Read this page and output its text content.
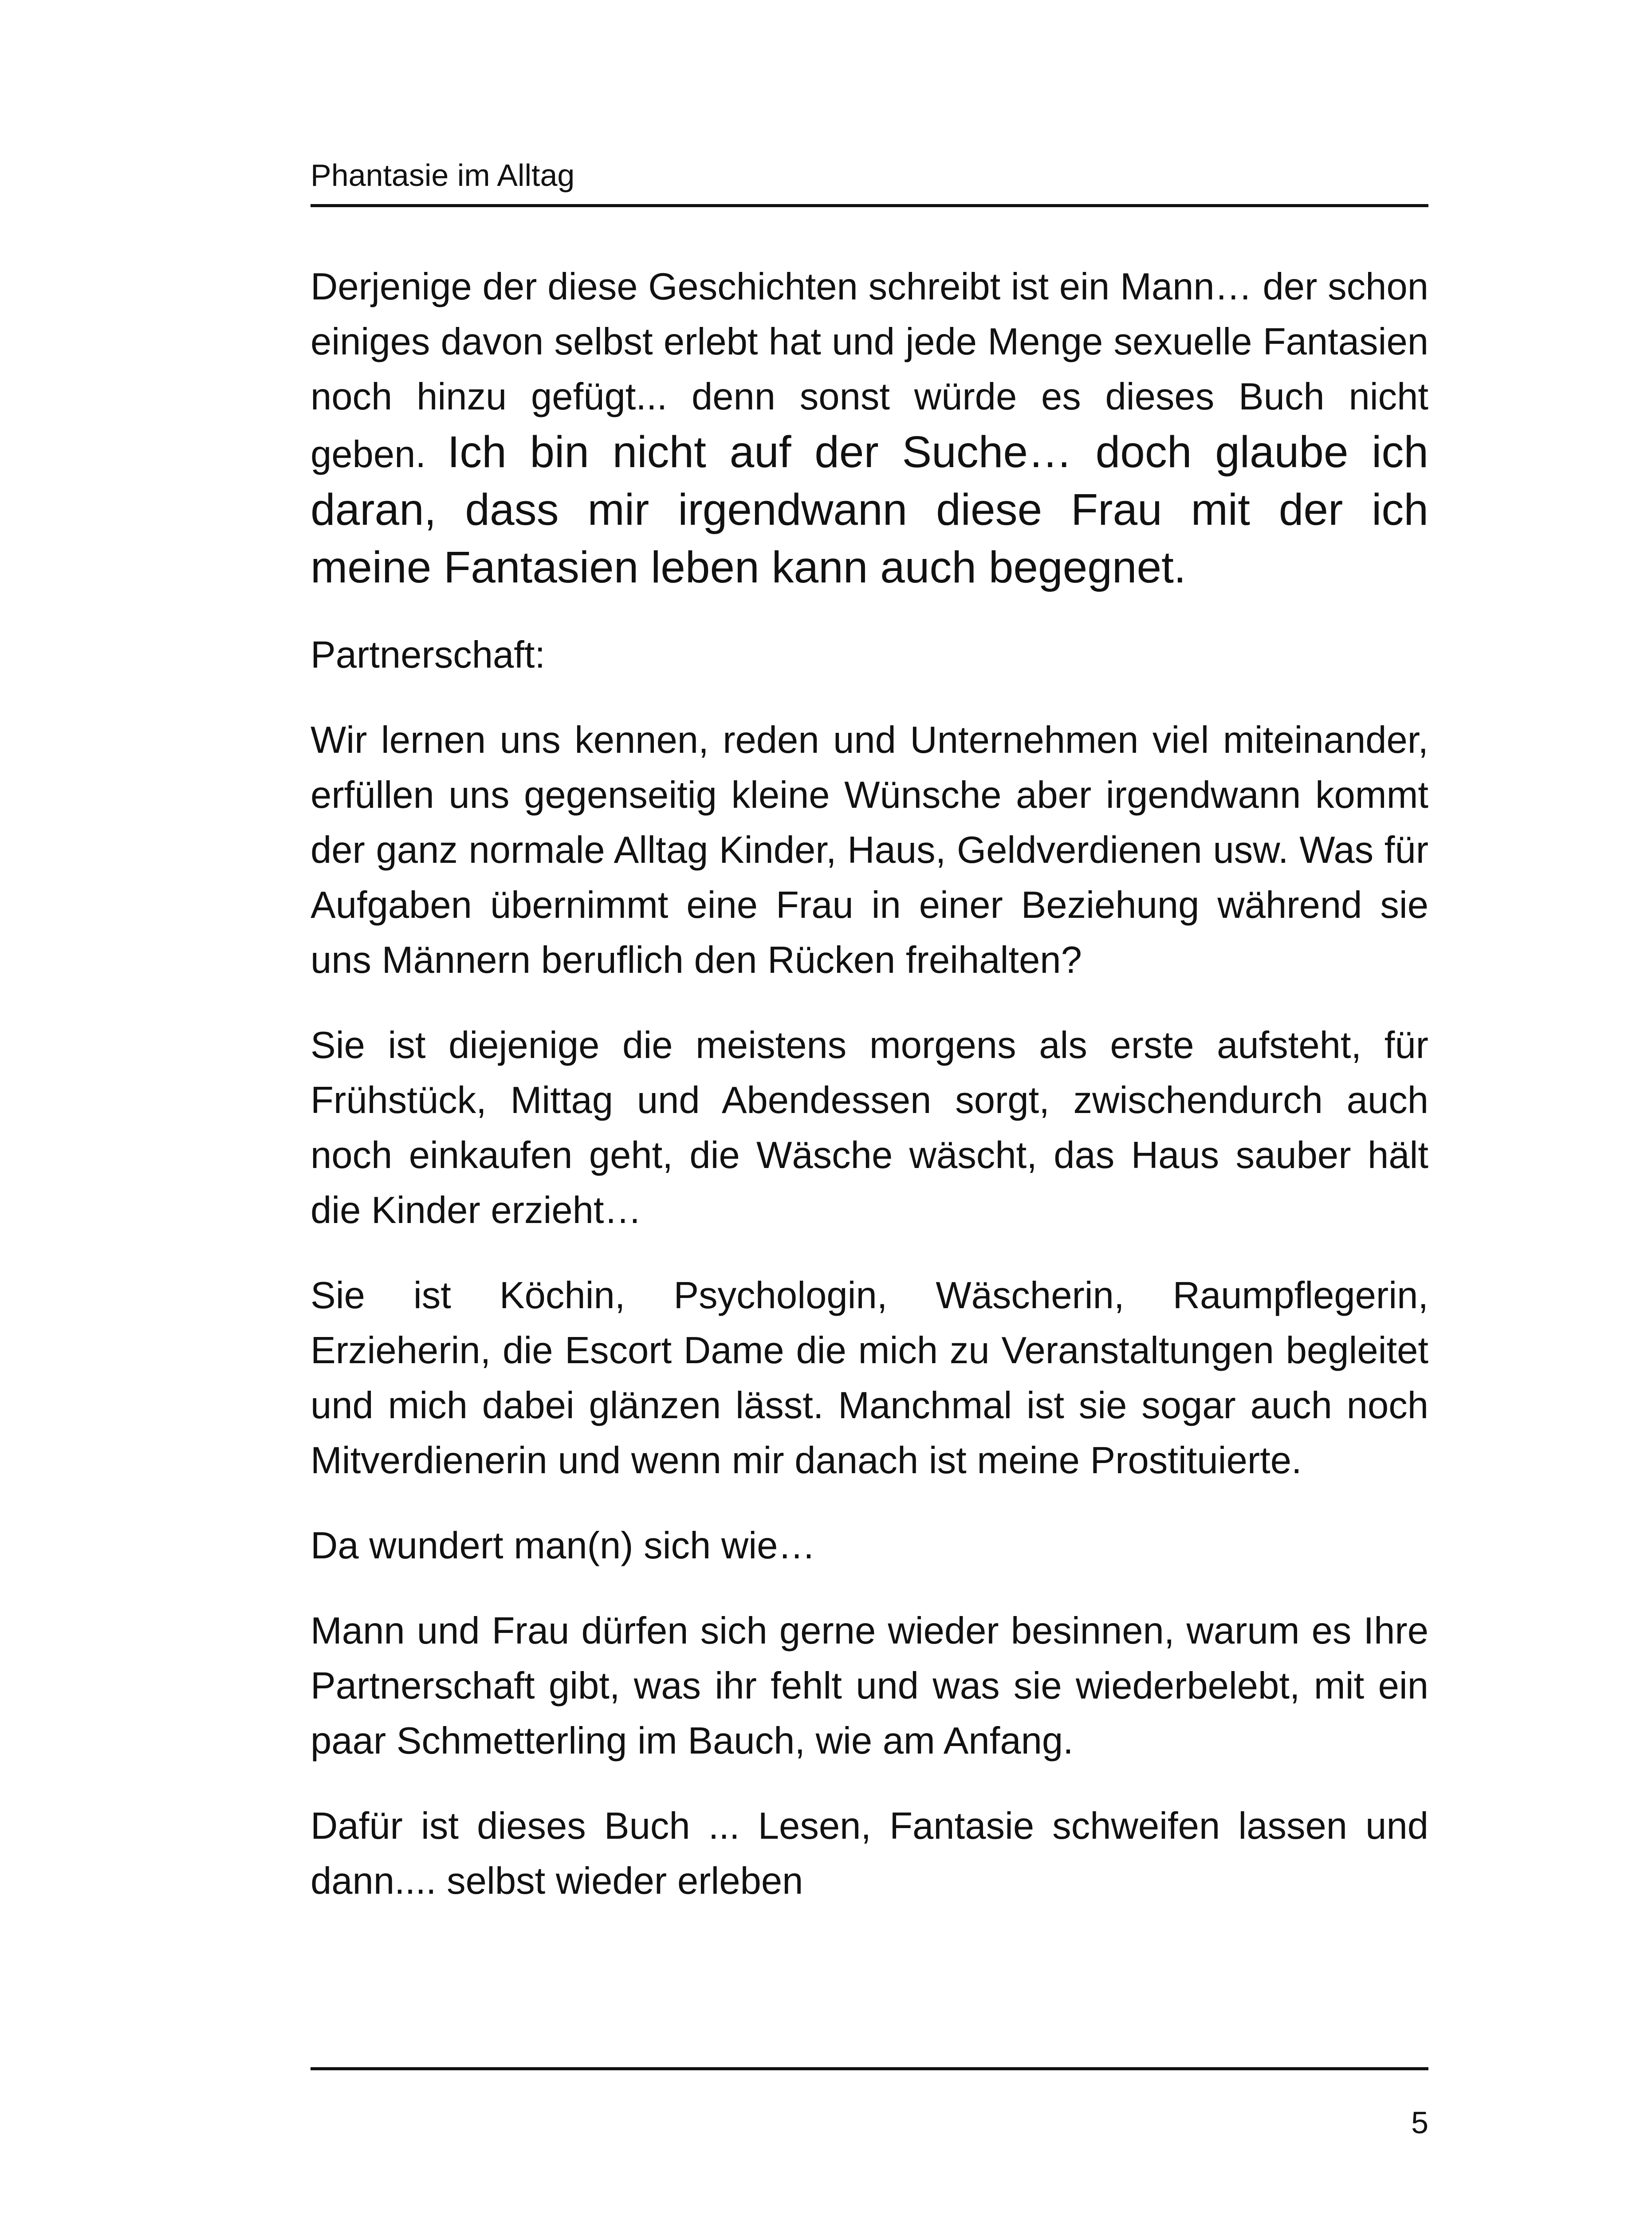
Phantasie im Alltag

Derjenige der diese Geschichten schreibt ist ein Mann… der schon einiges davon selbst erlebt hat und jede Menge sexuelle Fantasien noch hinzu gefügt... denn sonst würde es dieses Buch nicht geben. Ich bin nicht auf der Suche… doch glaube ich daran, dass mir irgendwann diese Frau mit der ich meine Fantasien leben kann auch begegnet.

Partnerschaft:

Wir lernen uns kennen, reden und Unternehmen viel miteinander, erfüllen uns gegenseitig kleine Wünsche aber irgendwann kommt der ganz normale Alltag Kinder, Haus, Geldverdienen usw. Was für Aufgaben übernimmt eine Frau in einer Beziehung während sie uns Männern beruflich den Rücken freihalten?

Sie ist diejenige die meistens morgens als erste aufsteht, für Frühstück, Mittag und Abendessen sorgt, zwischendurch auch noch einkaufen geht, die Wäsche wäscht, das Haus sauber hält die Kinder erzieht…

Sie ist Köchin, Psychologin, Wäscherin, Raumpflegerin, Erzieherin, die Escort Dame die mich zu Veranstaltungen begleitet und mich dabei glänzen lässt. Manchmal ist sie sogar auch noch Mitverdienerin und wenn mir danach ist meine Prostituierte.

Da wundert man(n) sich wie…

Mann und Frau dürfen sich gerne wieder besinnen, warum es Ihre Partnerschaft gibt, was ihr fehlt und was sie wiederbelebt, mit ein paar Schmetterling im Bauch, wie am Anfang.

Dafür ist dieses Buch ... Lesen, Fantasie schweifen lassen und dann.... selbst wieder erleben

5
